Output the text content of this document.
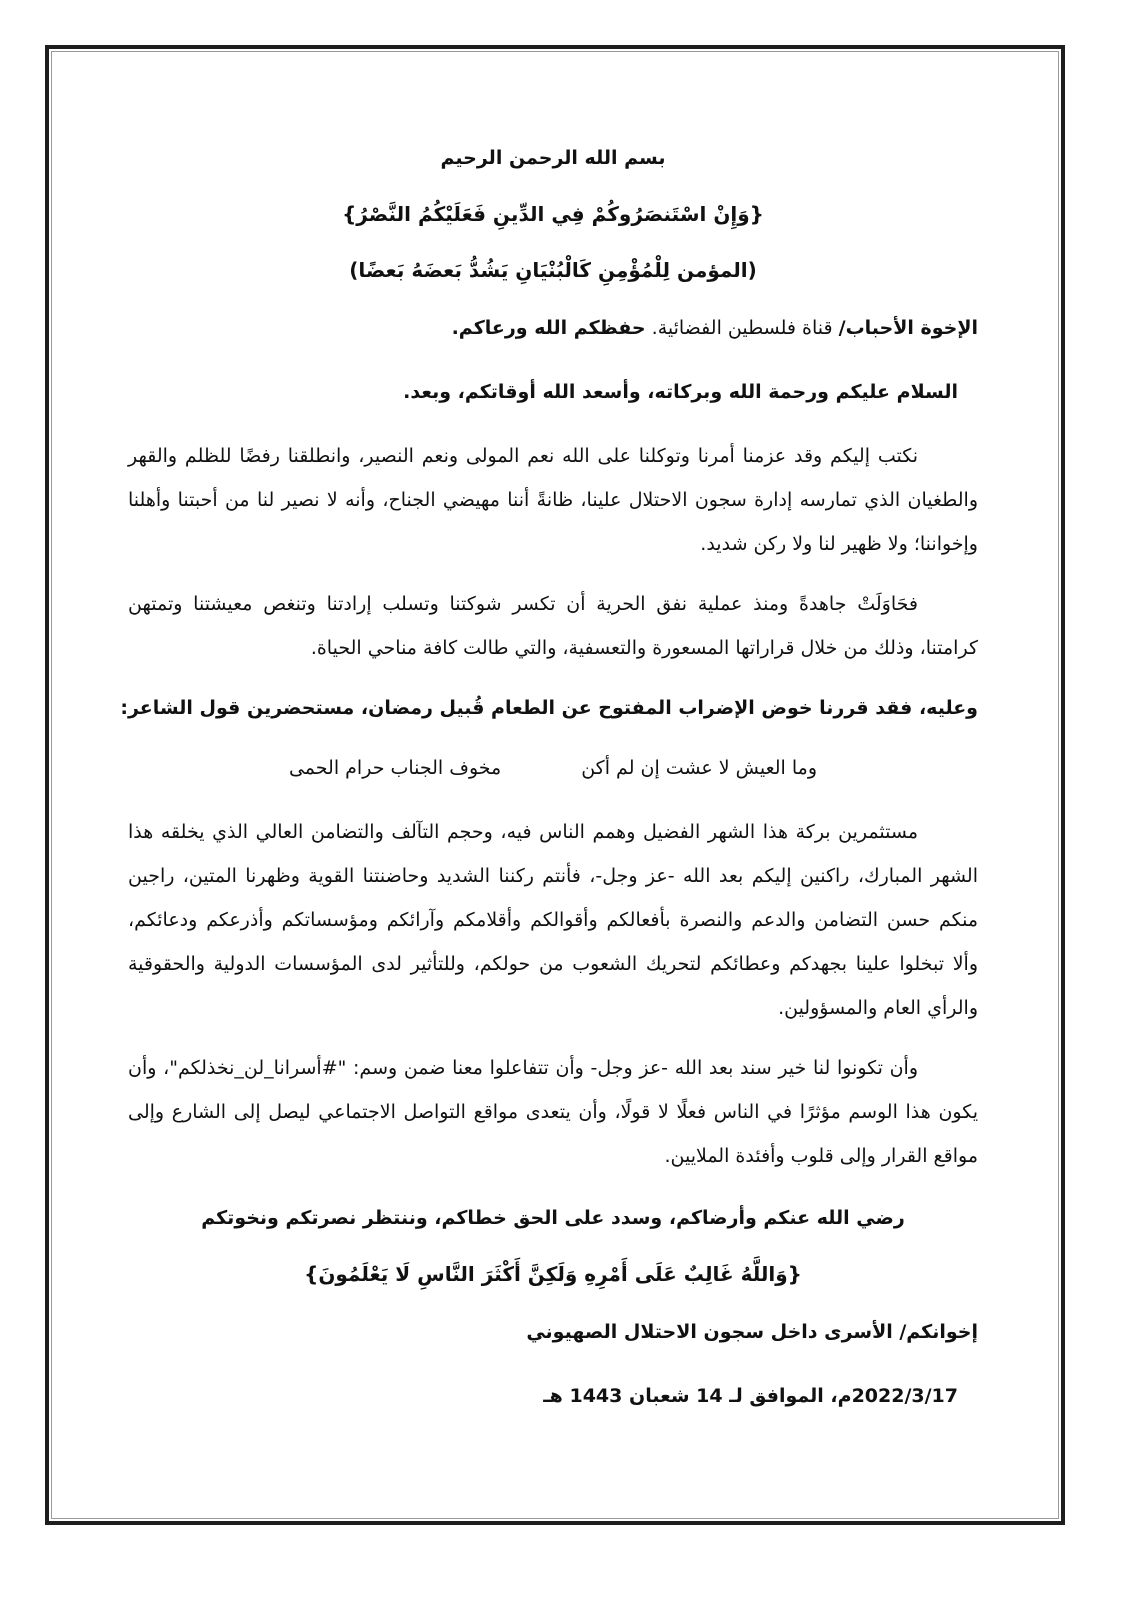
بسم الله الرحمن الرحيم
{وَإِنْ اسْتَنصَرُوكُمْ فِي الدِّينِ فَعَلَيْكُمُ النَّصْرُ}
(المؤمن لِلْمُؤْمِنِ كَالْبُنْيَانِ يَشُدُّ بَعضَهُ بَعضًا)
الإخوة الأحباب/ قناة فلسطين الفضائية. حفظكم الله ورعاكم.
السلام عليكم ورحمة الله وبركاته، وأسعد الله أوقاتكم، وبعد.

نكتب إليكم وقد عزمنا أمرنا وتوكلنا على الله نعم المولى ونعم النصير، وانطلقنا رفضًا للظلم والقهر والطغيان الذي تمارسه إدارة سجون الاحتلال علينا، ظانةً أننا مهيضي الجناح، وأنه لا نصير لنا من أحبتنا وأهلنا وإخواننا؛ ولا ظهير لنا ولا ركن شديد.

فحَاوَلَتْ جاهدةً ومنذ عملية نفق الحرية أن تكسر شوكتنا وتسلب إرادتنا وتنغص معيشتنا وتمتهن كرامتنا، وذلك من خلال قراراتها المسعورة والتعسفية، والتي طالت كافة مناحي الحياة.

وعليه، فقد قررنا خوض الإضراب المفتوح عن الطعام قُبيل رمضان، مستحضرين قول الشاعر:
وما العيش لا عشت إن لم أكن
مخوف الجناب حرام الحمى

مستثمرين بركة هذا الشهر الفضيل وهمم الناس فيه، وحجم التآلف والتضامن العالي الذي يخلقه هذا الشهر المبارك، راكنين إليكم بعد الله -عز وجل-، فأنتم ركننا الشديد وحاضنتنا القوية وظهرنا المتين، راجين منكم حسن التضامن والدعم والنصرة بأفعالكم وأقوالكم وأقلامكم وآرائكم ومؤسساتكم وأذرعكم ودعائكم، وألا تبخلوا علينا بجهدكم وعطائكم لتحريك الشعوب من حولكم، وللتأثير لدى المؤسسات الدولية والحقوقية والرأي العام والمسؤولين.

وأن تكونوا لنا خير سند بعد الله -عز وجل- وأن تتفاعلوا معنا ضمن وسم: "#أسرانا_لن_نخذلكم"، وأن يكون هذا الوسم مؤثرًا في الناس فعلًا لا قولًا، وأن يتعدى مواقع التواصل الاجتماعي ليصل إلى الشارع وإلى مواقع القرار وإلى قلوب وأفئدة الملايين.

رضي الله عنكم وأرضاكم، وسدد على الحق خطاكم، وننتظر نصرتكم ونخوتكم
{وَاللَّهُ غَالِبٌ عَلَى أَمْرِهِ وَلَكِنَّ أَكْثَرَ النَّاسِ لَا يَعْلَمُونَ}
إخوانكم/ الأسرى داخل سجون الاحتلال الصهيوني
2022/3/17م، الموافق لـ 14 شعبان 1443 هـ
